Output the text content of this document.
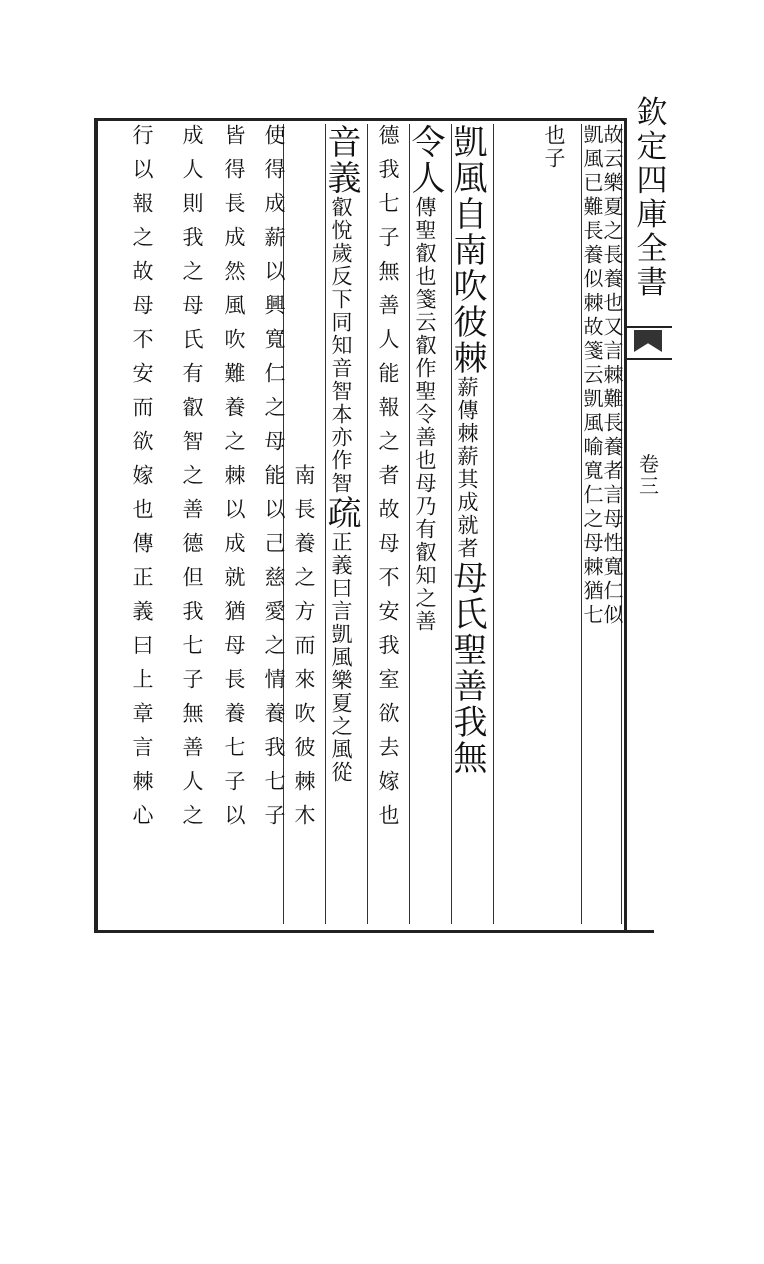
欽定四庫全書
卷三
故云樂夏之長養也又言棘難長養者言母性寬仁似
凱風已難長養似棘故箋云凱風喻寬仁之母棘猶七
也子
凱風自南吹彼棘薪傳棘薪其成就者母氏聖善我無
令人傳聖叡也箋云叡作聖令善也母乃有叡知之善
德我七子無善人能報之者故母不安我室欲去嫁也
音義叡悅歲反下同知音智本亦作智疏正義曰言凱風樂夏之風從
南長養之方而來吹彼棘木
使得成薪以興寬仁之母能以己慈愛之情養我七子
皆得長成然風吹難養之棘以成就猶母長養七子以
成人則我之母氏有叡智之善德但我七子無善人之
行以報之故母不安而欲嫁也傳正義曰上章言棘心
